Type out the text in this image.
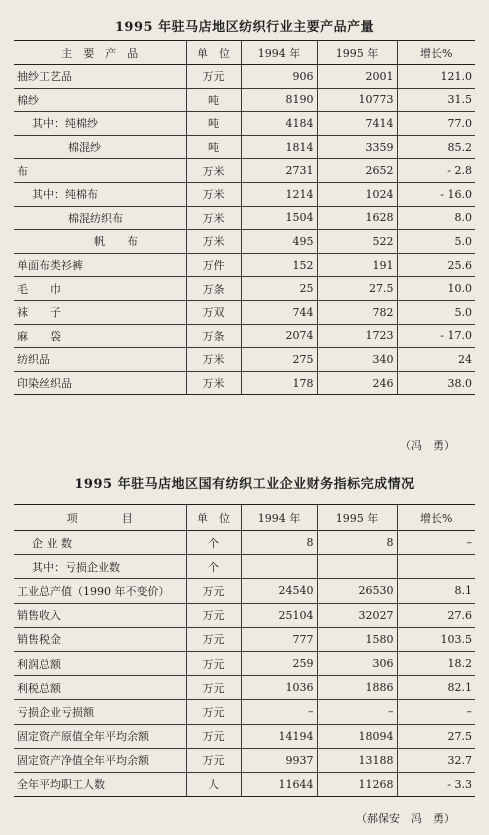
1995 年驻马店地区纺织行业主要产品产量
主　要　产　品	单　位	1994 年	1995 年	增长%
抽纱工艺品	万元	906	2001	121.0
棉纱	吨	8190	10773	31.5
其中：纯棉纱	吨	4184	7414	77.0
棉混纱	吨	1814	3359	85.2
布	万米	2731	2652	- 2.8
其中：纯棉布	万米	1214	1024	- 16.0
棉混纺织布	万米	1504	1628	8.0
帆　　布	万米	495	522	5.0
单面布类衫裤	万件	152	191	25.6
毛　　巾	万条	25	27.5	10.0
袜　　子	万双	744	782	5.0
麻　　袋	万条	2074	1723	- 17.0
纺织品	万米	275	340	24
印染丝织品	万米	178	246	38.0
（冯　勇）
1995 年驻马店地区国有纺织工业企业财务指标完成情况
项　　　　目	单　位	1994 年	1995 年	增长%
企 业 数	个	8	8	–
其中：亏损企业数	个			
工业总产值（1990 年不变价）	万元	24540	26530	8.1
销售收入	万元	25104	32027	27.6
销售税金	万元	777	1580	103.5
利润总额	万元	259	306	18.2
利税总额	万元	1036	1886	82.1
亏损企业亏损额	万元	–	–	–
固定资产原值全年平均余额	万元	14194	18094	27.5
固定资产净值全年平均余额	万元	9937	13188	32.7
全年平均职工人数	人	11644	11268	- 3.3
（郝保安　冯　勇）
